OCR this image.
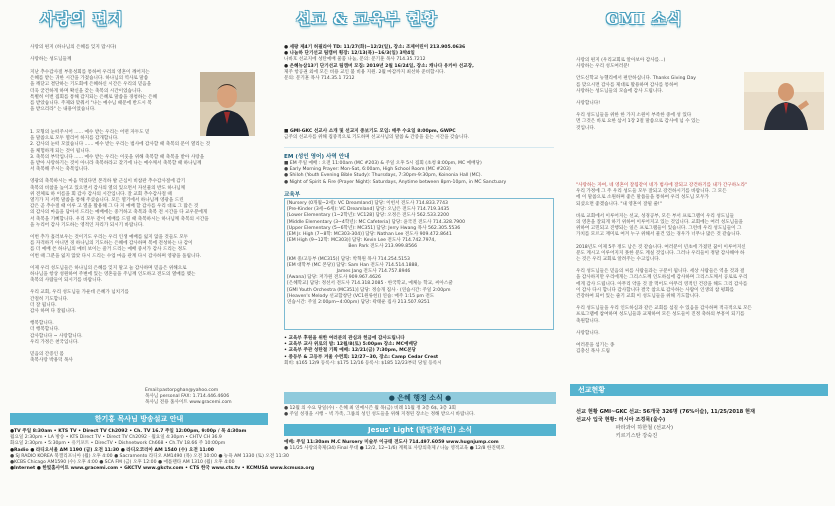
사랑의 편지
사랑의 편지 (하나님의 은혜를 잊지 맙시다)
사랑하는 성도님들께
지난 추수감사절 부흥성회를 통하여 우리의 영혼이 깨어지는
은혜를 받는 귀한 시간을 가졌습니다. 하나님의 역사로 말씀
을 깨닫고 결단하는 기도회에 은혜하신 시간은 우리의 믿음을
더욱 굳건하게 하며 확신을 갖는 축복의 시간이었습니다.
특별히 이번 집회를 통해 감지되는 은혜로 말씀을 경청하는 은혜
를 받았습니다. 주제와 맞춰서 "나는 예수님 때문에 반드시 복
을 받으리라" 는 내용이었습니다.
1. 모형의 눈떠주시어 ...... 예수 받는 우리는 어떤 자두도 믿
을 말씀으로 모두 열리어 하지를 감개합니다.
2. 감사의 눈떠 모었습니다 ...... 예수 받는 우리는 범사에 감사할 때 축복의 문이 열리는 것
을 체험하게 되는 것이 됩니다.
3. 축복의 부탁입니다 ...... 예수 받는 우리는 이웃을 위해 축복할 때 축복을 받아 사랑을
을 받아 사랑하기는 것이 아니라 축복하라고 찾기에 나는 예수께서 축복할 때 하나님께
서 축복해 주시는 축복입니다.
영광의 축복하시는 마음 먹었다면 본격하 발 근심이 비참관 추수감사절에 감기
축복의 비참을 높이고 있으면서 감사의 열의 있으면서 자선물의 반도 하나님께
위 전체로 하 이름을 회 감사 감사의 시간입니다. 잘 교회 추수감사절 때
열기가 지 서쪽 말씀을 통해 주셨습니다. 모든 열기에서 하나님께 영광을 드린
감은 곧 추수절 때 이루 고 열을 활용해 그 다 지 예배 할 감사를 우리 대로 그 많은 것
의 감사의 마음을 담아서 드리는 예배에는 중거하고 축복과 축복 전 시간을 다 교우분에게
서 축복을 기뻐합니다. 우리 모두 같이 예배를 드릴 때 축복하시는 하나님께 축복의 시간을
을 누리어 감사 기도하는 영적인 자리가 되시기 바랍니다.
이번 추가 흘러보우는 것이기도 우리는 우리 인생 예배를 잃지 않을 것들도 모두
를 자격하기 아니면 경 하나님의 기도하는 은혜에 감사하며 복에 전성하는 나 감이
를 더 예배 쓴 하나님의 예비 보이는 즐거 드리는 예배 중서가 감사 드리는 정도
이번 때 그분을 잃지 않았 다시 드리는 수업 마음 관계 다시 감사하며 영광을 돌립니다.
이제 우리 성도님들은 하나님의 은혜를 잊지 말고 늘 감사하며 믿음은 위해으로
하나님을 항상 성원하여 주변에 있는 영혼들을 주님께 인도하고 전도의 열매를 맺는
축복의 사람들이 되시기를 바랍니다.
우리 교회, 우리 성도님들 가운데 은혜가 넘치기를
간절히 기도합니다.
더 잘 됩니다.
감사 하며 다 잘됩니다.
행복합니다.
더 행복합니다.
감사합니다 ~ 사랑합니다.
우리 가정은 천국입니다.
믿음의 간증인 몸
축복사랑 박용덕 목사
Email:pastorpghan@yahoo.com
목사님 personal FAX: 1.714.446.4606
목사님 전용 홈사이트 www.gracemi.com
한기홍 목사님 방송설교 안내
●TV 주일 8:30am • KTS TV • Direct TV Ch2092 • Ch. TV 16.7 주일 12:00pm, 9:00p / 목 4:30am
월요일 2:30pm • LA 방송 • KTS Direct TV • Direct TV Ch2092 · 월요일 4:30pm • CHTV CH 36.9
화요일 2:30pm • 5:30pm • 유키포트 • DirecTV • Dishnetwork Ch668 • Ch.TV 18.66 주 10:00pm
●Radio ● 라디오서울 AM 1190 (금) 오전 11:30 ● 라디오코리아 AM 1540 (수) 오전 11:00
● SJ RADIO KOREA 북캘리포니아 (월) 오후 4:00 ● Sacramento 라디오 AM1490 (목) 오전 10:00 ● 뉴욕 AM 1330 (토) 오전 11:30
●KCBS Chicago AM1590 (수) 오후 4:00 ● SCA FM (금) 오후 12:00 ● 애틀랜타 AM 1310 (월) 오후 4:00
●Internet ● 한빛홈사이트 www.gracemi.com • GKCTV www.gkctv.com • CTS 한국 www.cts.tv • KCMUSA www.kcmusa.org
선교 & 교육부 현황
● 세팡 제4기 허필라아 TD: 11/27(화)~12/2(일), 장소: 조제어린이 213.905.0636
● 나눔하 단기선교 팀캠버 횡장: 12/13(목)~16/3(일) 3박4일
나바호 선교지에 성탄예배 물품 나눔, 문의: 문기훈 목사 714.35.7212
● 은혜뉴삼13기 단기선교 팀캠버 모집: 2019년 2월 16/24일, 장소: 캐나다 유카아 선교장,
제주 항공권 외에 모든 비용 교인 불 비용 지원. 2월 마감까지 최선하 준비합시다.
문의: 문기훈 목사 714.35.1 7212
■ GMI·GKC 선교사 소개 및 선교지 중보기도 모임: 매주 수요일 8:00pm, GWPC
금주의 선교사를 위해 집중적으로 기도하며 선교사님의 말씀 & 간증을 듣는 시간을 갖습니다.
EM (성인 영어) 사역 안내
■ EM 주일 예배 : 오전 11:00am (MC #203) & 주일 오후 5시 집회 (초청 8:00pm, MC 예배당)
● Early Morning Prayer: Mon-Sat, 6:00am, High School Room (MC #203)
● Shiloh (Youth Evening Bible Study): Thursdays, 7:30pm-9:30pm, Koinonia Hall (MC).
● Night of Spirit & Fire (Prayer Night): Saturdays, Anytime between 8pm-10pm, in MC Sanctuary
교육부
[Nursery (0개월~2세): VC Dreamland] 담당: 이헌서 전도사 714.833.7743
[Pre-Kinder (3세~6세): VC Dreamland] 담당: 오남은 전도사 714.719.3435
[Lower Elementary (1~2학년): VC128] 담당: 오정은 전도사 562.533.2200
[Middle Elementary (3~4학년): MC Cafeteria] 담당: 윤국진 전도사 714.328.7900
[Upper Elementary (5~6학년): MC351] 담당: Jerry Hwang 목사 562.305.5536
[EM Jr. High (7~8학: MC303-304)] 담당: Nathan Lee 전도사 909.472.8641
[EM High (9~12학: MC303)] 담당: Kevin Lee 전도사 714.742.7974,
Ben Park 전도사 213.999.8566
[KM 중/고등부 (MC315)] 담당: 박혁원 목사 714.254.5153
[EM 대학부 (MC 본당)] 담당: Sam Han 전도사 714.514.1888,
James Jang 전도사 714.757.8946
[Awana] 담당: 저가원 전도사 909.967.4626
[은혜학교] 담당: 정선서 전도사 714.318.2085 · 한국학교, 예체능 학교, 씨아스쿨
[GMI Youth Orchestra (MC351)] 담당: 정승개 집사 · (연습시간: 주일 2:00pm
[Heaven's Melody 선교합창단 (VC1원류헌)] 연습: 매주 1:15 pm 전도
연습시간: 주일 2:00pm~4:00pm) 담당: 곽태운 집사 213.507.9251
• 교육부 후원을 위한 여러분의 관심과 헌금에 감사드립니다
• 교육부 교사 위로의 밤: 12월/8(토) 5:00pm 장소: MC예배당
• 교육부 주관 성탄절 기획 예배: 12/21(금) 7:30pm, MC본당
• 중등부 & 고등부 겨울 수련회: 12/27~30, 장소: Camp Cedar Crest
회비: $165 12/9 등록시: $175 12/16 등록시: $185 12/23부터 당일 등록시
● 은혜 행정 소식 ●
● 12월 의 수요 당일(수) - 은혜 최 연예시즌 월 목(금) 비례 11월 정 3층 6$, 3층 3회
● 주일 성경을 시행 – 넥 가족, 그룹의 성인 성도들을 위해 지정된 장소는 정해 받으시 바랍니다.
Jesus' Light (발달장애인) 소식
예배: 주일 11:30am M.C Nursery 미술부 이규태 전도사 714.497.6059 www.hugnjump.com
● 11/25 사랑의축제(34) Final 무대 ● 12/2, 12~1/6) 계획표 사랑의축제 / 나눔 영적교육 ● 12/8 한진택모
GMI 소식
사랑의 편지 (우리교회로 알아보아 감사를...)
사랑하는 우리 성도여러분!
안도신학교 뉴헬리에서 편안하십니다. Thanks Giving Day
를 맞으시면 감사를 제대로 활용하며 감사를 통하여
사랑하는 성도님들의 모습에 감사 드립니다.
사랑합니다!
우리 성도님들을 위한 한 가지 소원이 부족한 중에 성 있다
면 그것은 바로 요한 삼서 1장 2절 말씀으로 감사에 넘 수 있는
것입니다.
"사랑하는 자여, 네 영혼이 잘됨같이 네가 범사에 잘되고 강건하기를 내가 간구하노라"
우리 가정에 그 주 우리 성도들 모두 잘되고 강건하시기를 바랍니다. 그 모든
에 이 말씀으로 소원하며 좋은 말씀들을 통하여 우리 성도님 모두가
되셨으면 좋겠습니다. "내 영혼이 잘될 줄!"
바로 교회에서 이루어지는 선교, 성경공부, 모든 부서 프로그램이 우리 성도님들
의 영혼을 잘되게 하기 위하여 이루어지고 있는 것입니다. 교회에는 여러 성도님들을
위하여 고민되고 진행되는 일은 프로그램들이 있습니다. 그런데 우리 성도님들이 그
가치를 모르고 재미로 여겨 누구 위해서 물건 있는 경우가 너무나 많은 것 같습니다.
2018년도 이제 5주 정도 남은 것 같습니다. 여러분이 년초에 가졌던 꿈이 이루어지신
분도 계시고 이루어지지 못한 분도 계실 것입니다. 그러나 우리들이 정말 감사해야 하
는 것은 우리 교회로 알려주는 수고입니다.
우리 성도님들은 믿음의 씨를 사람들과는 구분이 됩니다. 세상 사람들은 역을 것과 걸
을 감사하지만 우리에게는 그리스도께 인도하심에 감사하며 그리스도께서 공로로 우리
에게 감사 드립니다. 아무리 약을 것 잘 먹어도 아무리 영적인 건강을 해도 그리 감사를
이 감사 다시 합니다 감사합니다 결국 참으로 감사하는 사람이 인생의 참 평화를
건강하여 되어 있는 줄기 교회 이 성도님들을 위해 기도합니다.
우리 성도님들을 우리 인도하심과 같은 교회를 섬길 수 있음을 감사하며 적극적으로 모든
프로그램에 참여하며 성도님들과 교제하여 모든 성도들이 진정 축하의 부흥이 되기를
축원합니다.
사랑합니다.
여러분을 섬기는 종
김충신 목사 드림
선교현황
선교 현황 GMI~GKC 선교: 56개국 326명 (76%이슬), 11/25/2018 현재
선교사 입국 현황: 러시아 조경묵(울수)
파라과이 하한철 (선교사)
키르기스탄 강숙진
